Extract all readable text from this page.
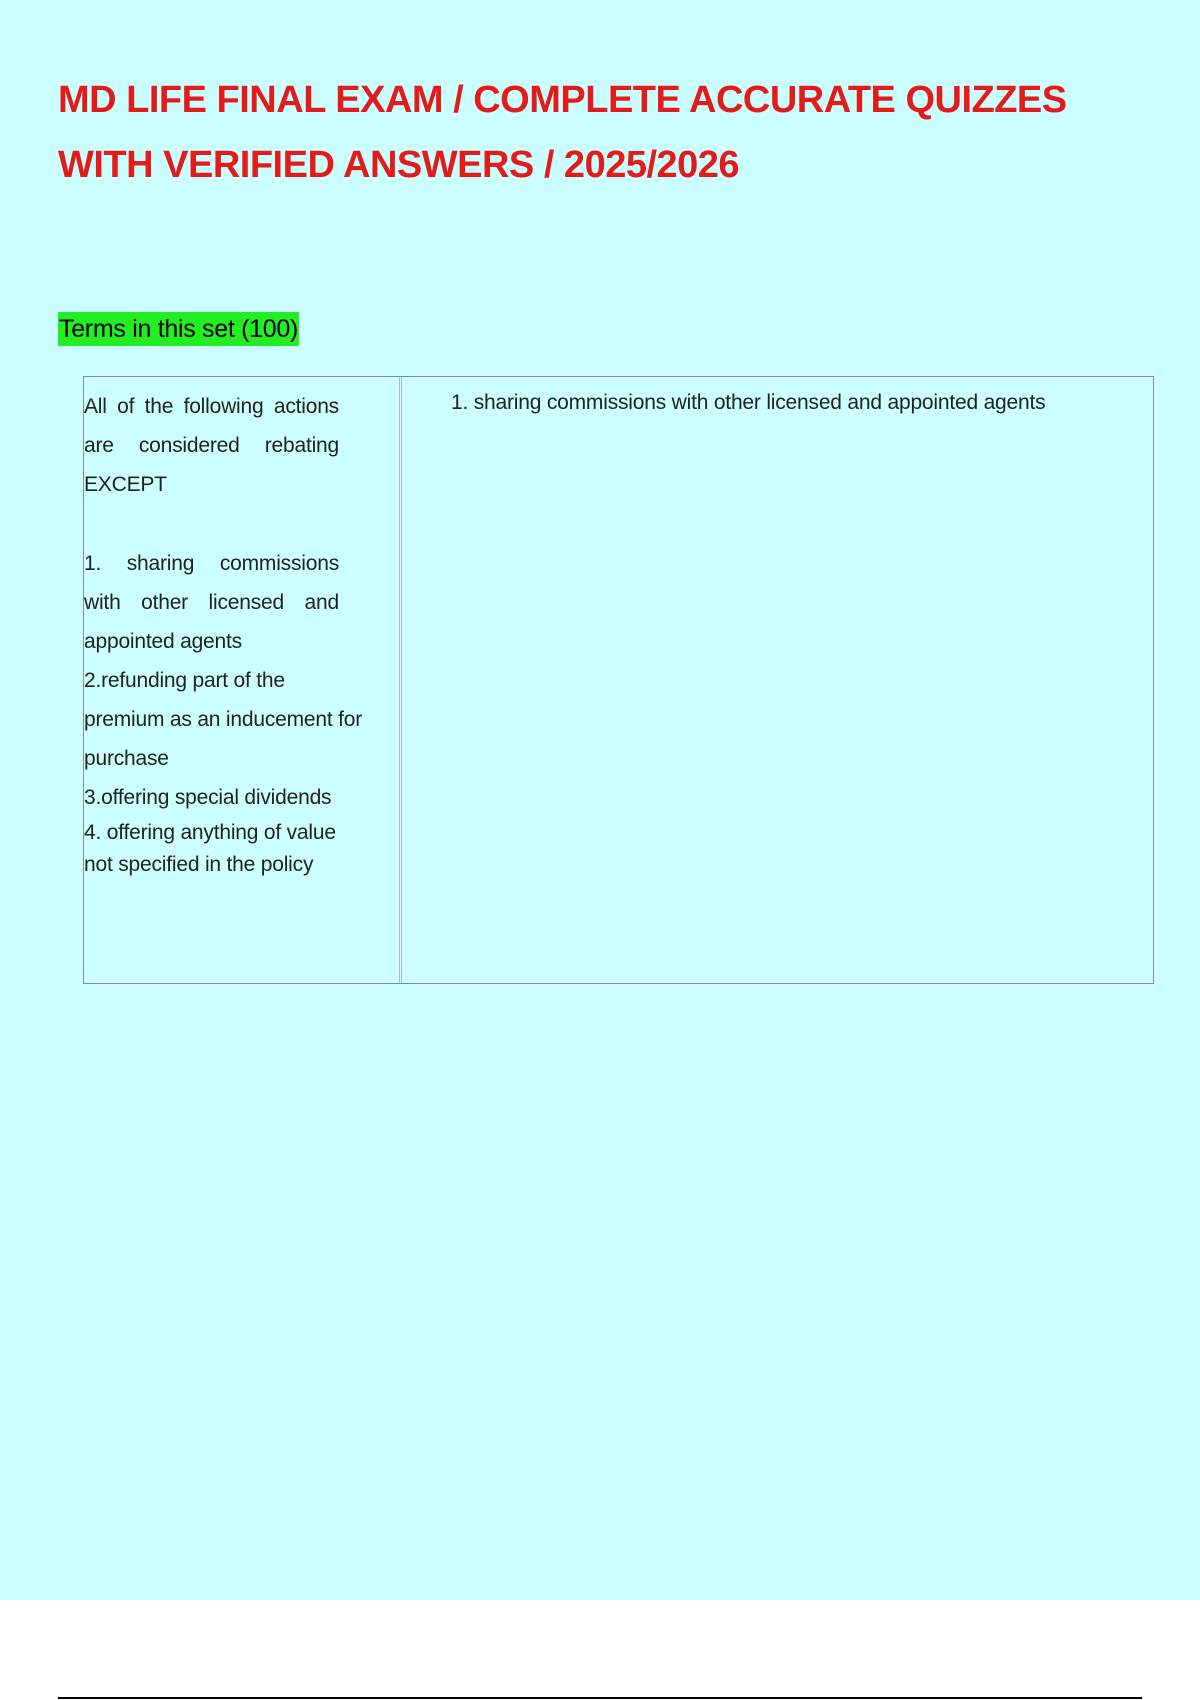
MD LIFE FINAL EXAM / COMPLETE ACCURATE QUIZZES WITH VERIFIED ANSWERS / 2025/2026
Terms in this set (100)
All of the following actions are considered rebating EXCEPT
1. sharing commissions with other licensed and appointed agents
2.refunding part of the premium as an inducement for purchase
3.offering special dividends
4. offering anything of value not specified in the policy
1. sharing commissions with other licensed and appointed agents
